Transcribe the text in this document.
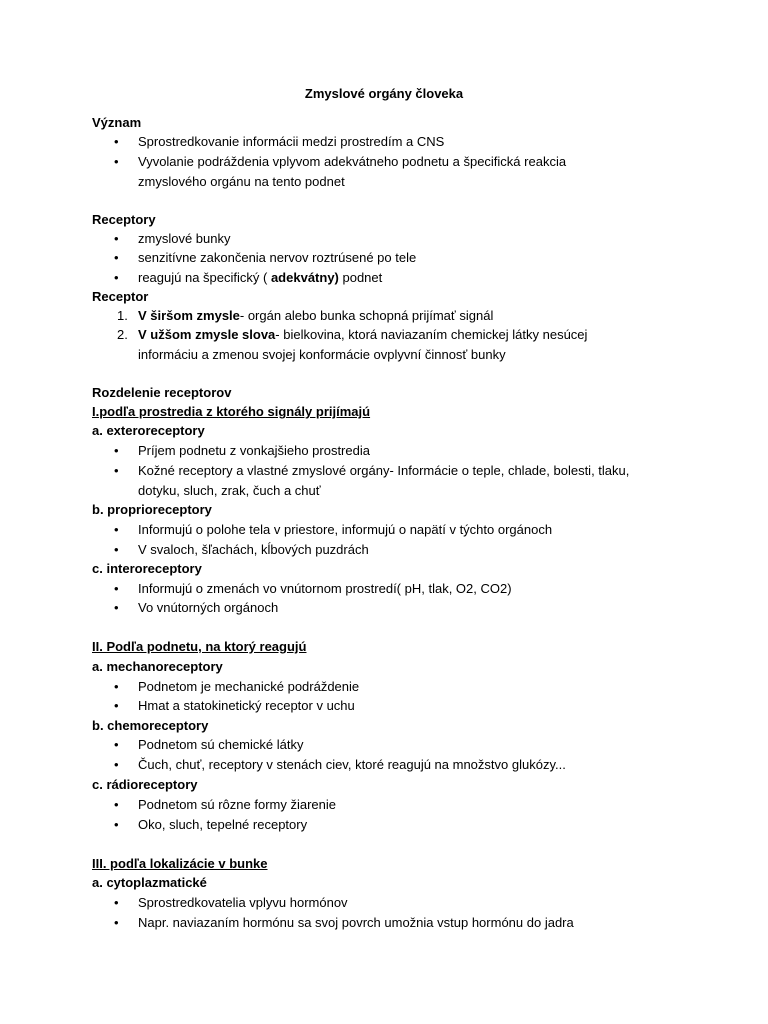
Zmyslové orgány človeka
Význam
• Sprostredkovanie informácii medzi prostredím a CNS
• Vyvolanie podráždenia vplyvom adekvátneho podnetu a špecifická reakcia
zmyslového orgánu na tento podnet
Receptory
• zmyslové bunky
• senzitívne zakončenia nervov roztrúsené po tele
• reagujú na špecifický ( adekvátny) podnet
Receptor
1. V širšom zmysle- orgán alebo bunka schopná prijímať signál
2. V užšom zmysle slova- bielkovina, ktorá naviazaním chemickej látky nesúcej
informáciu a zmenou svojej konformácie ovplyvní činnosť bunky
Rozdelenie receptorov
I.podľa prostredia z ktorého signály prijímajú
a. exteroreceptory
• Príjem podnetu z vonkajšieho prostredia
• Kožné receptory a vlastné zmyslové orgány- Informácie o teple, chlade, bolesti, tlaku,
dotyku, sluch, zrak, čuch a chuť
b. proprioreceptory
• Informujú o polohe tela v priestore, informujú o napätí v týchto orgánoch
• V svaloch, šľachách, kĺbových puzdrách
c. interoreceptory
• Informujú o zmenách vo vnútornom prostredí( pH, tlak, O2, CO2)
• Vo vnútorných orgánoch
II. Podľa podnetu, na ktorý reagujú
a. mechanoreceptory
• Podnetom je mechanické podráždenie
• Hmat a statokinetický receptor v uchu
b. chemoreceptory
• Podnetom sú chemické látky
• Čuch, chuť, receptory v stenách ciev, ktoré reagujú na množstvo glukózy...
c. rádioreceptory
• Podnetom sú rôzne formy žiarenie
• Oko, sluch, tepelné receptory
III. podľa lokalizácie v bunke
a. cytoplazmatické
• Sprostredkovatelia vplyvu hormónov
• Napr. naviazaním hormónu sa svoj povrch umožnia vstup hormónu do jadra
